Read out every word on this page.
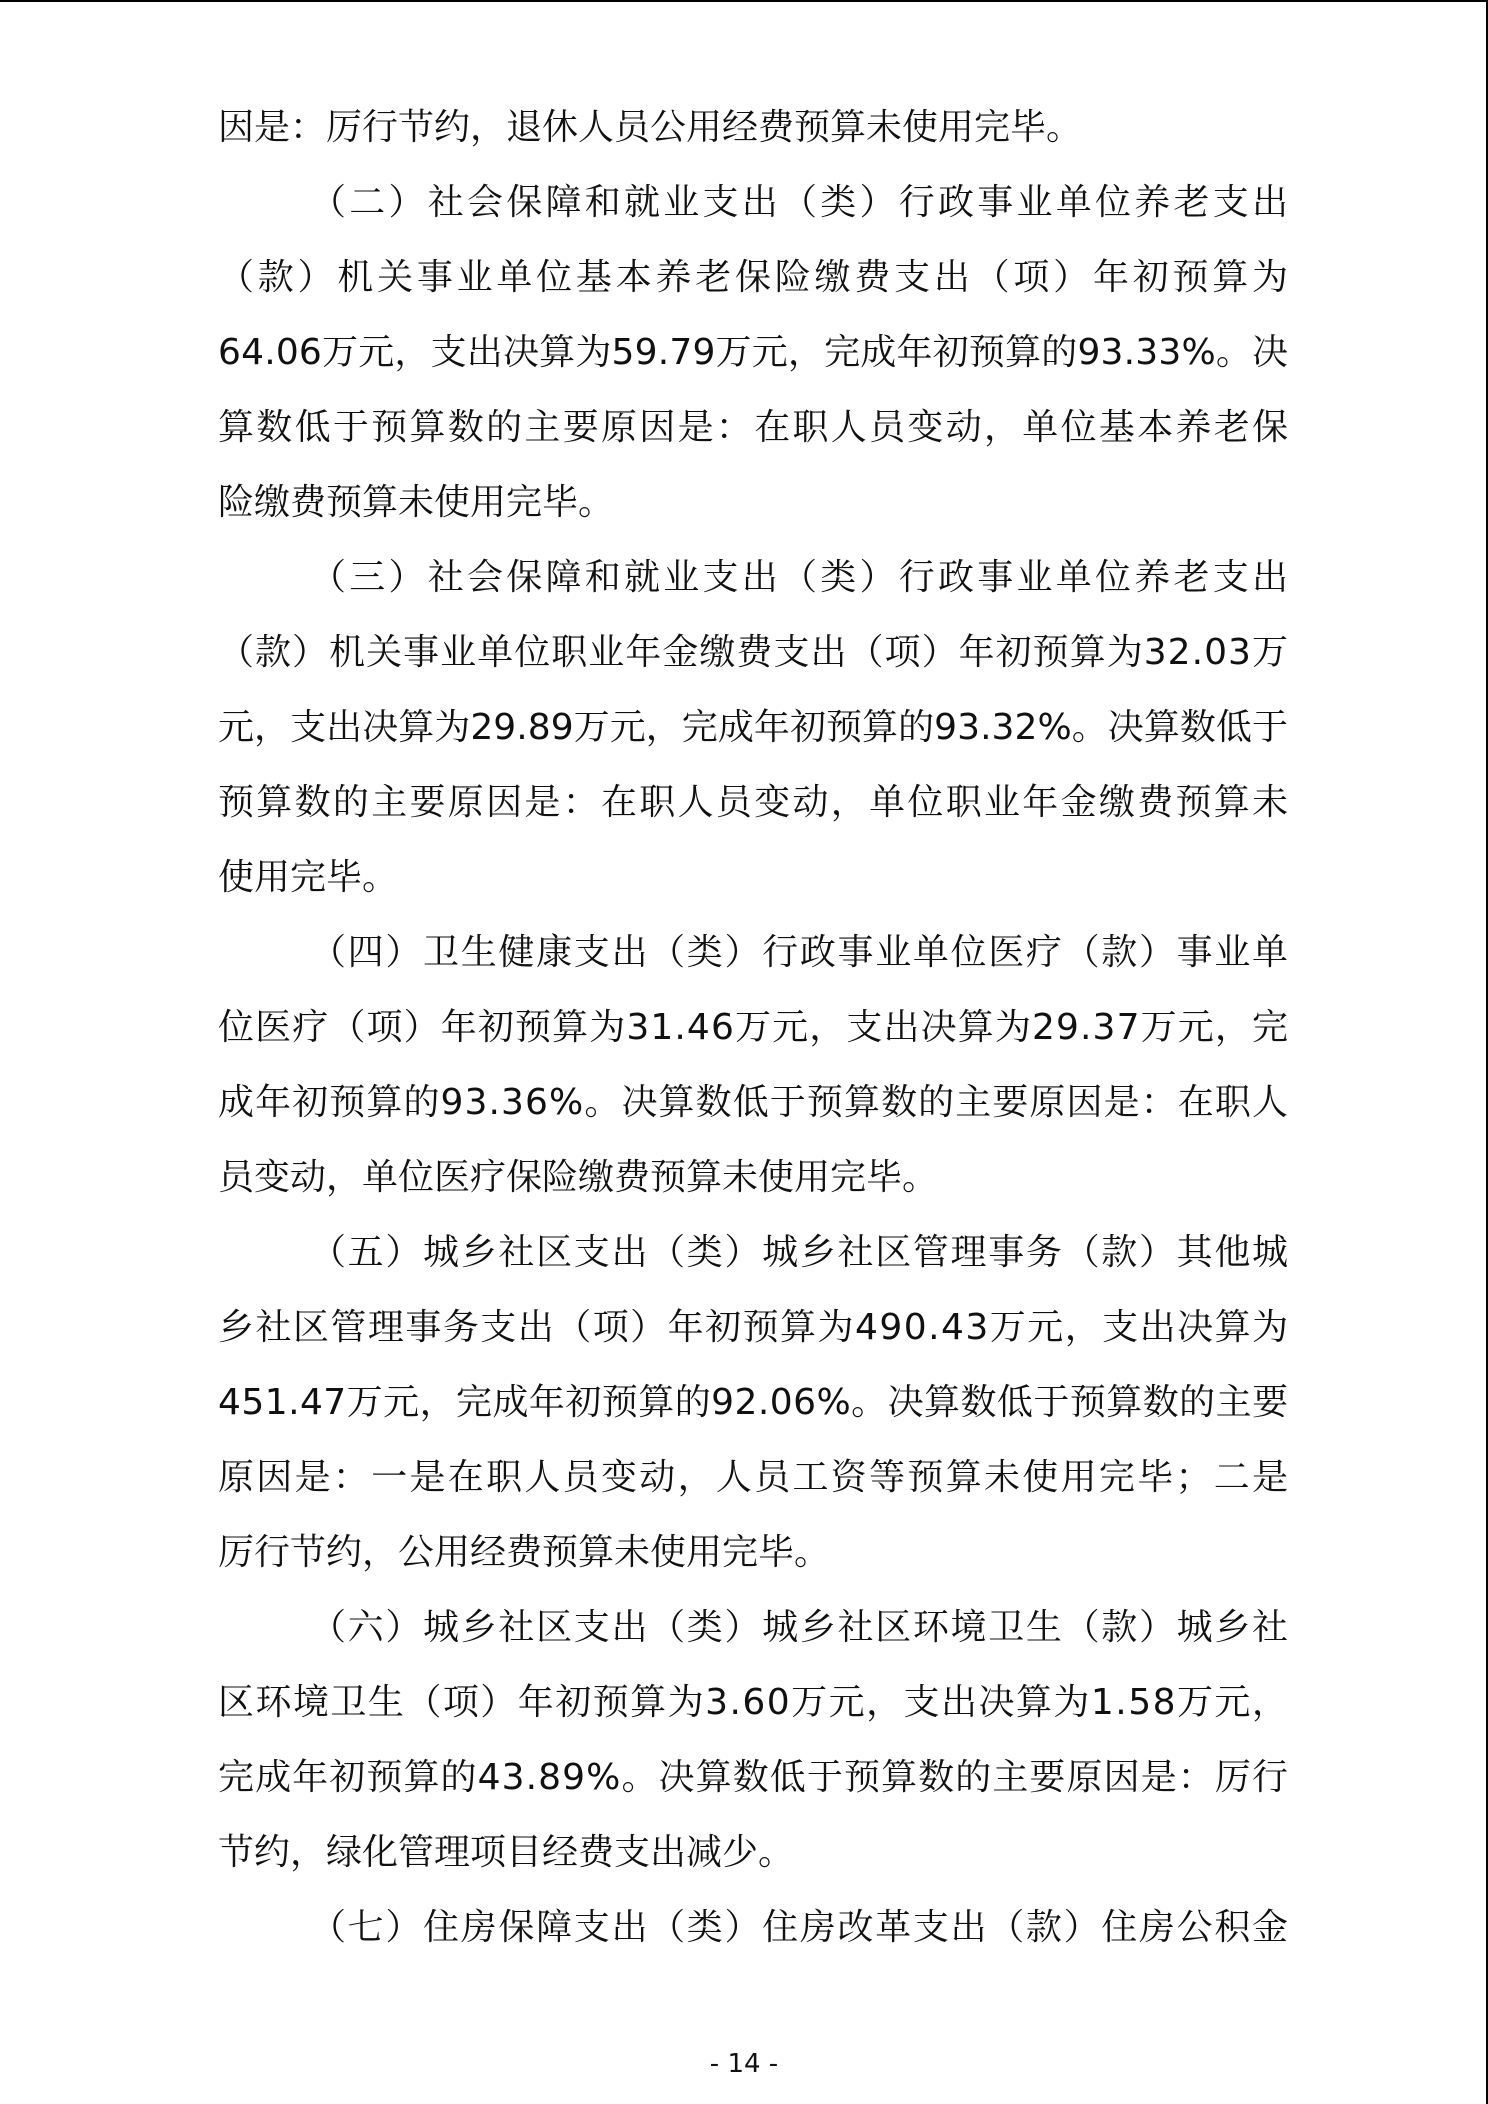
因是：厉行节约，退休人员公用经费预算未使用完毕。
（二）社会保障和就业支出（类）行政事业单位养老支出
（款）机关事业单位基本养老保险缴费支出（项）年初预算为
64.06万元，支出决算为59.79万元，完成年初预算的93.33%。决
算数低于预算数的主要原因是：在职人员变动，单位基本养老保
险缴费预算未使用完毕。
（三）社会保障和就业支出（类）行政事业单位养老支出
（款）机关事业单位职业年金缴费支出（项）年初预算为32.03万
元，支出决算为29.89万元，完成年初预算的93.32%。决算数低于
预算数的主要原因是：在职人员变动，单位职业年金缴费预算未
使用完毕。
（四）卫生健康支出（类）行政事业单位医疗（款）事业单
位医疗（项）年初预算为31.46万元，支出决算为29.37万元，完
成年初预算的93.36%。决算数低于预算数的主要原因是：在职人
员变动，单位医疗保险缴费预算未使用完毕。
（五）城乡社区支出（类）城乡社区管理事务（款）其他城
乡社区管理事务支出（项）年初预算为490.43万元，支出决算为
451.47万元，完成年初预算的92.06%。决算数低于预算数的主要
原因是：一是在职人员变动，人员工资等预算未使用完毕；二是
厉行节约，公用经费预算未使用完毕。
（六）城乡社区支出（类）城乡社区环境卫生（款）城乡社
区环境卫生（项）年初预算为3.60万元，支出决算为1.58万元，
完成年初预算的43.89%。决算数低于预算数的主要原因是：厉行
节约，绿化管理项目经费支出减少。
（七）住房保障支出（类）住房改革支出（款）住房公积金
- 14 -
